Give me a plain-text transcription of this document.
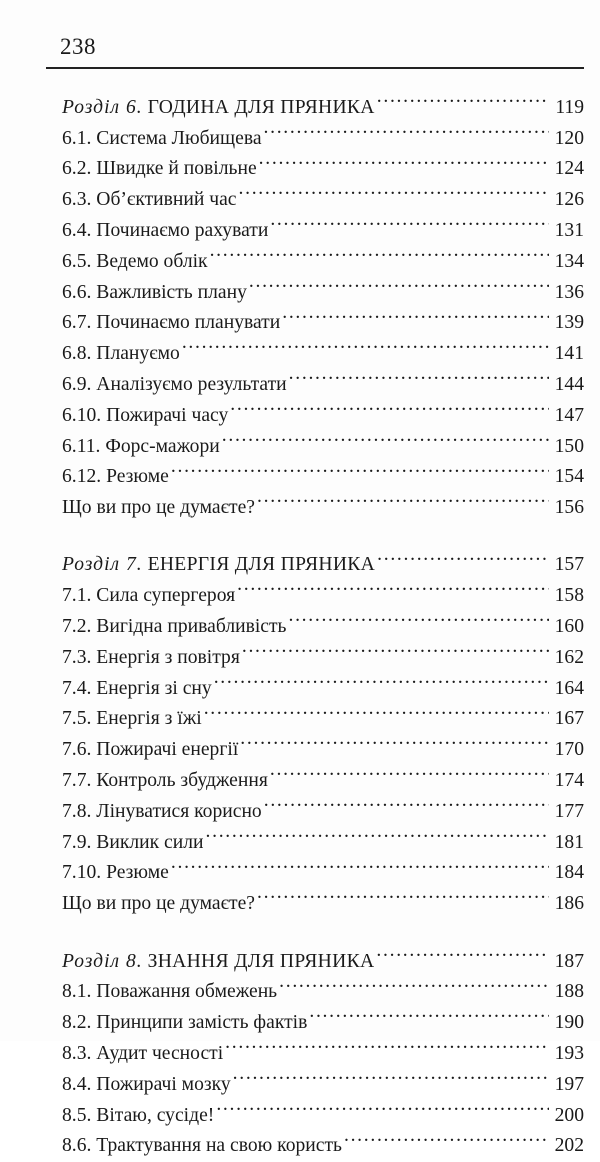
238
Розділ 6. ГОДИНА ДЛЯ ПРЯНИКА . . .	119
6.1. Система Любищева . . .	120
6.2. Швидке й повільне . . .	124
6.3. Об’єктивний час . . .	126
6.4. Починаємо рахувати . . .	131
6.5. Ведемо облік . . .	134
6.6. Важливість плану . . .	136
6.7. Починаємо планувати . . .	139
6.8. Плануємо . . .	141
6.9. Аналізуємо результати . . .	144
6.10. Пожирачі часу . . .	147
6.11. Форс-мажори . . .	150
6.12. Резюме . . .	154
Що ви про це думаєте? . . .	156
Розділ 7. ЕНЕРГІЯ ДЛЯ ПРЯНИКА . . .	157
7.1. Сила супергероя . . .	158
7.2. Вигідна привабливість . . .	160
7.3. Енергія з повітря . . .	162
7.4. Енергія зі сну . . .	164
7.5. Енергія з їжі . . .	167
7.6. Пожирачі енергії . . .	170
7.7. Контроль збудження . . .	174
7.8. Лінуватися корисно . . .	177
7.9. Виклик сили . . .	181
7.10. Резюме . . .	184
Що ви про це думаєте? . . .	186
Розділ 8. ЗНАННЯ ДЛЯ ПРЯНИКА . . .	187
8.1. Поважання обмежень . . .	188
8.2. Принципи замість фактів . . .	190
8.3. Аудит чесності . . .	193
8.4. Пожирачі мозку . . .	197
8.5. Вітаю, сусіде! . . .	200
8.6. Трактування на свою користь . . .	202
